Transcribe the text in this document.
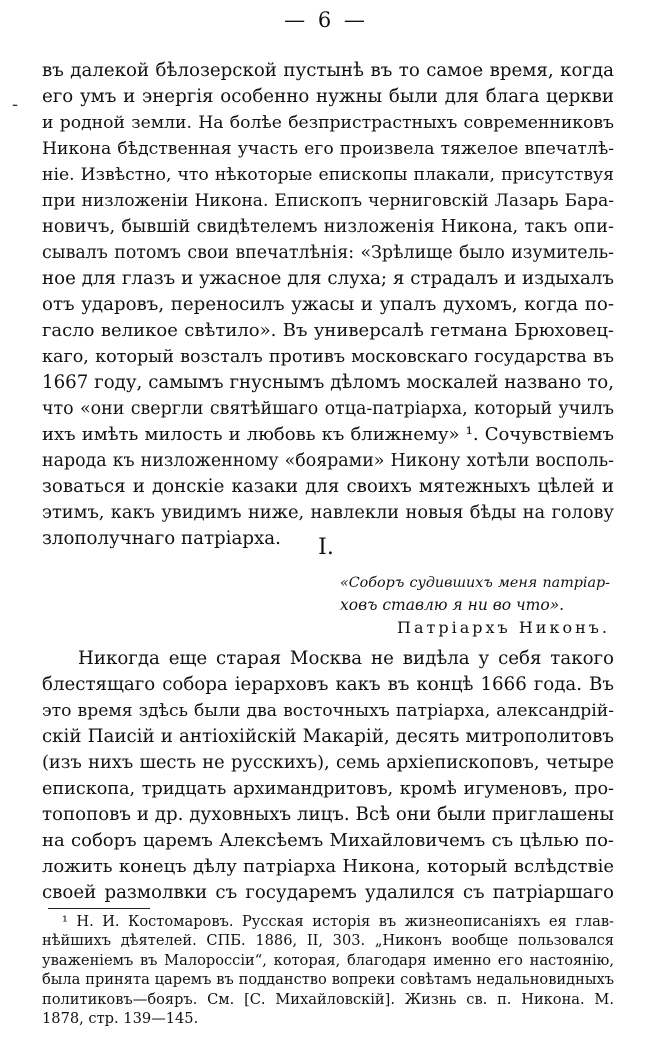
— 6 —
-
въ далекой бѣлозерской пустынѣ въ то самое время, когда
его умъ и энергія особенно нужны были для блага церкви
и родной земли. На болѣе безпристрастныхъ современниковъ
Никона бѣдственная участь его произвела тяжелое впечатлѣ-
ніе. Извѣстно, что нѣкоторые епископы плакали, присутствуя
при низложеніи Никона. Епископъ черниговскій Лазарь Бара-
новичъ, бывшій свидѣтелемъ низложенія Никона, такъ опи-
сывалъ потомъ свои впечатлѣнія: «Зрѣлище было изумитель-
ное для глазъ и ужасное для слуха; я страдалъ и издыхалъ
отъ ударовъ, переносилъ ужасы и упалъ духомъ, когда по-
гасло великое свѣтило». Въ универсалѣ гетмана Брюховец-
каго, который возсталъ противъ московскаго государства въ
1667 году, самымъ гнуснымъ дѣломъ москалей названо то,
что «они свергли святѣйшаго отца-патріарха, который училъ
ихъ имѣть милость и любовь къ ближнему» ¹. Сочувствіемъ
народа къ низложенному «боярами» Никону хотѣли восполь-
зоваться и донскіе казаки для своихъ мятежныхъ цѣлей и
этимъ, какъ увидимъ ниже, навлекли новыя бѣды на голову
злополучнаго патріарха.	I.
«Соборъ судившихъ меня патріар-
ховъ ставлю я ни во что».
Патріархъ Никонъ.
Никогда еще старая Москва не видѣла у себя такого
блестящаго собора іерарховъ какъ въ концѣ 1666 года. Въ
это время здѣсь были два восточныхъ патріарха, александрій-
скій Паисій и антіохійскій Макарій, десять митрополитовъ
(изъ нихъ шесть не русскихъ), семь архіепископовъ, четыре
епископа, тридцать архимандритовъ, кромѣ игуменовъ, про-
топоповъ и др. духовныхъ лицъ. Всѣ они были приглашены
на соборъ царемъ Алексѣемъ Михайловичемъ съ цѣлью по-
ложить конецъ дѣлу патріарха Никона, который вслѣдствіе
своей размолвки съ государемъ удалился съ патріаршаго
¹ Н. И. Костомаровъ. Русская исторія въ жизнеописаніяхъ ея глав-
нѣйшихъ дѣятелей. СПБ. 1886, II, 303. „Никонъ вообще пользовался
уваженіемъ въ Малороссіи“, которая, благодаря именно его настоянію,
была принята царемъ въ подданство вопреки совѣтамъ недальновидныхъ
политиковъ—бояръ. См. [С. Михайловскій]. Жизнь св. п. Никона. М.
1878, стр. 139—145.
